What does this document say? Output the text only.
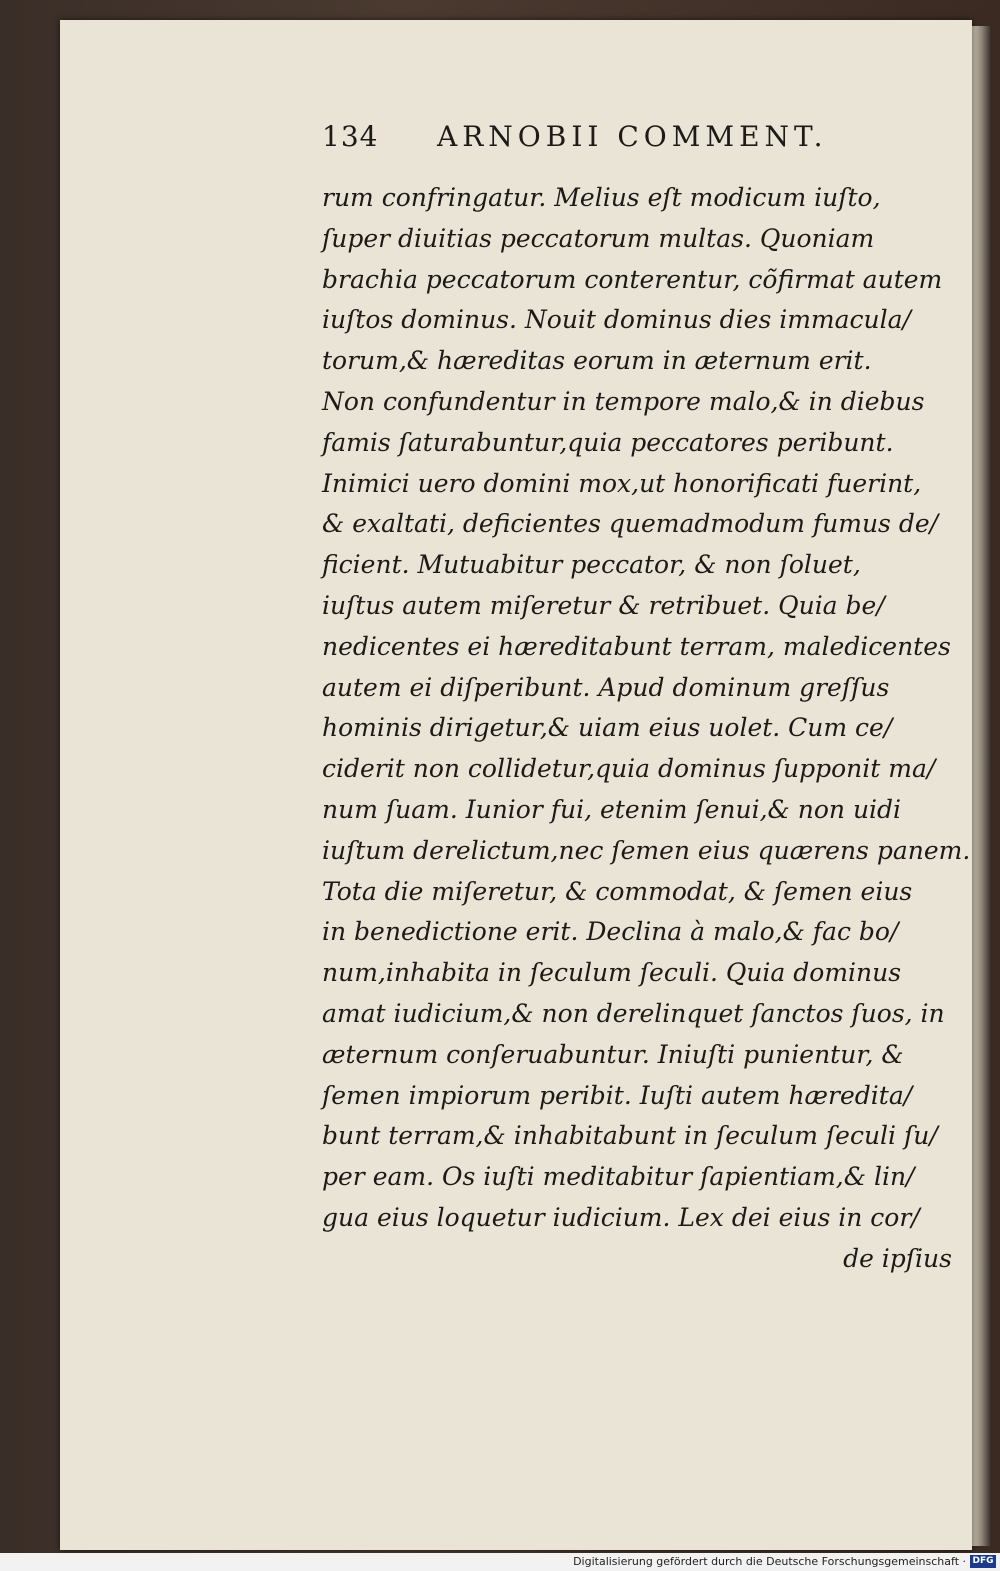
134 ARNOBII COMMENT.
rum confringatur. Melius eſt modicum iuſto,
ſuper diuitias peccatorum multas. Quoniam
brachia peccatorum conterentur, cõfirmat autem
iuſtos dominus. Nouit dominus dies immacula/
torum,& hæreditas eorum in æternum erit.
Non confundentur in tempore malo,& in diebus
famis ſaturabuntur,quia peccatores peribunt.
Inimici uero domini mox,ut honorificati fuerint,
& exaltati, deficientes quemadmodum fumus de/
ficient. Mutuabitur peccator, & non ſoluet,
iuſtus autem miſeretur & retribuet. Quia be/
nedicentes ei hæreditabunt terram, maledicentes
autem ei diſperibunt. Apud dominum greſſus
hominis dirigetur,& uiam eius uolet. Cum ce/
ciderit non collidetur,quia dominus ſupponit ma/
num ſuam. Iunior fui, etenim ſenui,& non uidi
iuſtum derelictum,nec ſemen eius quærens panem.
Tota die miſeretur, & commodat, & ſemen eius
in benedictione erit. Declina à malo,& fac bo/
num,inhabita in ſeculum ſeculi. Quia dominus
amat iudicium,& non derelinquet ſanctos ſuos, in
æternum conſeruabuntur. Iniuſti punientur, &
ſemen impiorum peribit. Iuſti autem hæredita/
bunt terram,& inhabitabunt in ſeculum ſeculi ſu/
per eam. Os iuſti meditabitur ſapientiam,& lin/
gua eius loquetur iudicium. Lex dei eius in cor/
de ipſius
Digitalisierung gefördert durch die Deutsche Forschungsgemeinschaft · DFG
